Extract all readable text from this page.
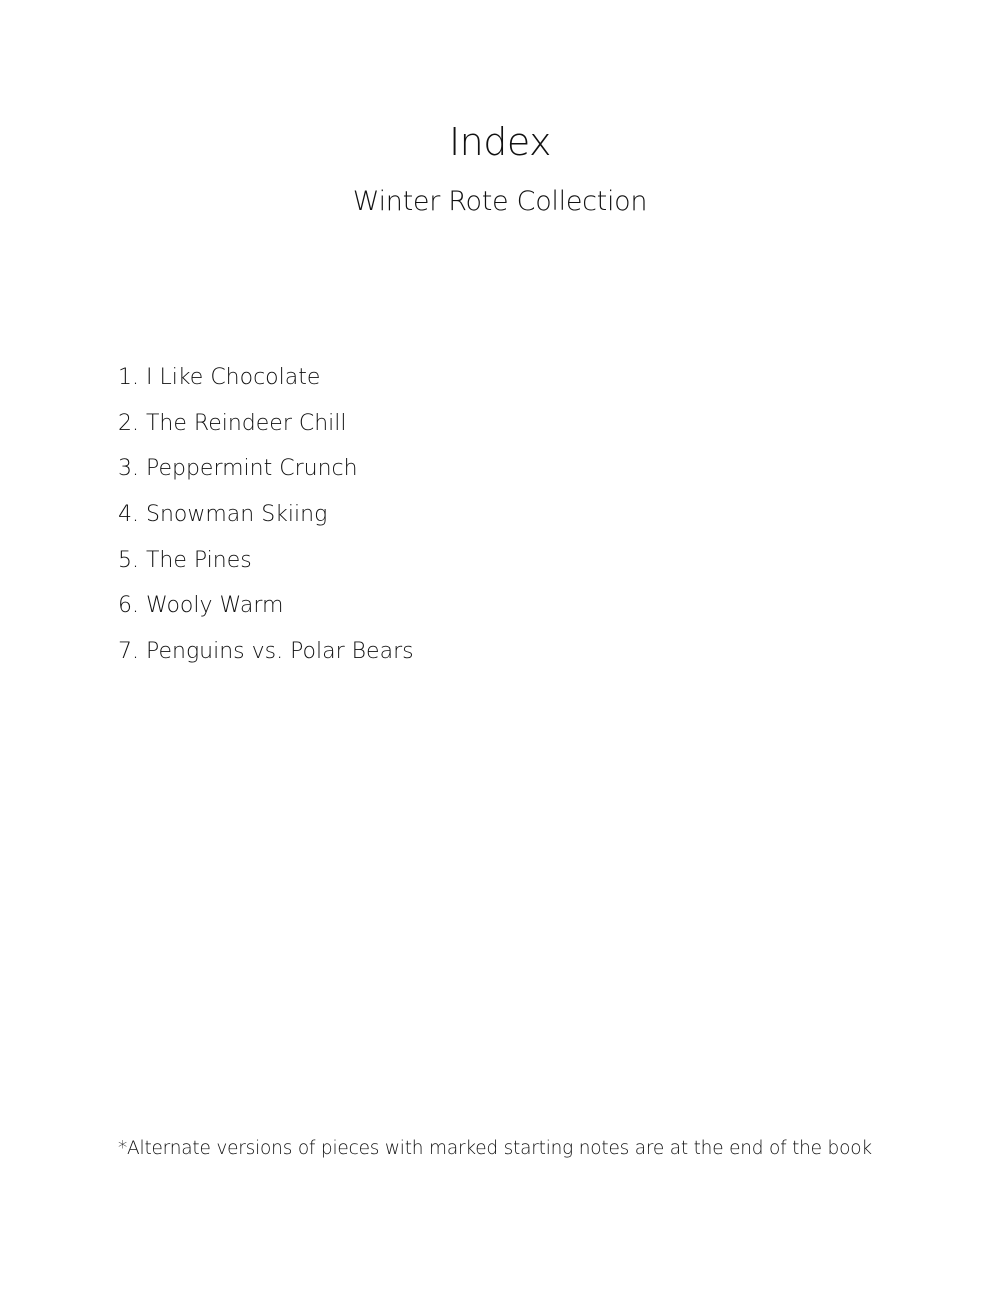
Index
Winter Rote Collection
1. I Like Chocolate
2. The Reindeer Chill
3. Peppermint Crunch
4. Snowman Skiing
5. The Pines
6. Wooly Warm
7. Penguins vs. Polar Bears
*Alternate versions of pieces with marked starting notes are at the end of the book
